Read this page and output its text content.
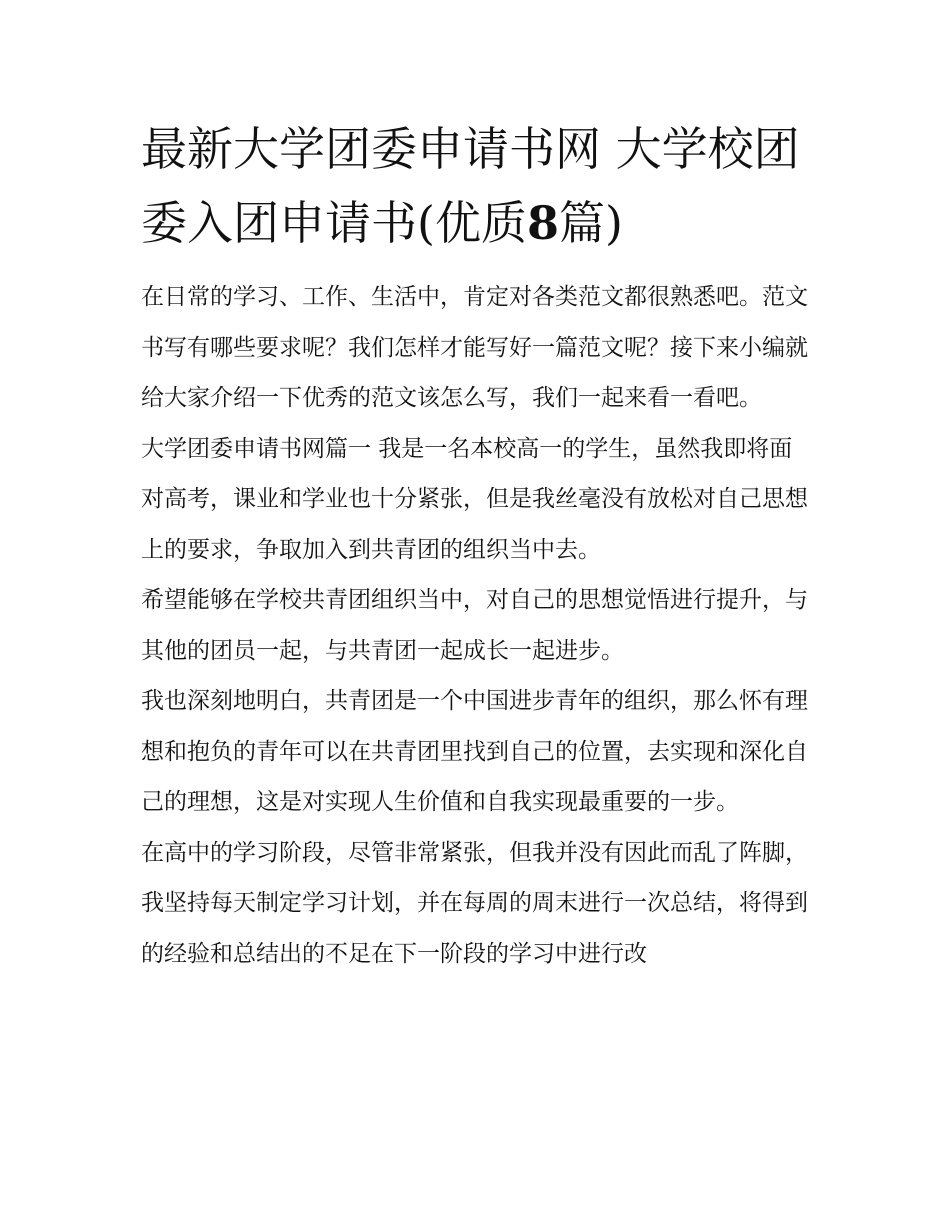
最新大学团委申请书网 大学校团委入团申请书(优质8篇)

在日常的学习、工作、生活中，肯定对各类范文都很熟悉吧。范文书写有哪些要求呢？我们怎样才能写好一篇范文呢？接下来小编就给大家介绍一下优秀的范文该怎么写，我们一起来看一看吧。

大学团委申请书网篇一 我是一名本校高一的学生，虽然我即将面对高考，课业和学业也十分紧张，但是我丝毫没有放松对自己思想上的要求，争取加入到共青团的组织当中去。

希望能够在学校共青团组织当中，对自己的思想觉悟进行提升，与其他的团员一起，与共青团一起成长一起进步。

我也深刻地明白，共青团是一个中国进步青年的组织，那么怀有理想和抱负的青年可以在共青团里找到自己的位置，去实现和深化自己的理想，这是对实现人生价值和自我实现最重要的一步。

在高中的学习阶段，尽管非常紧张，但我并没有因此而乱了阵脚，我坚持每天制定学习计划，并在每周的周末进行一次总结，将得到的经验和总结出的不足在下一阶段的学习中进行改
